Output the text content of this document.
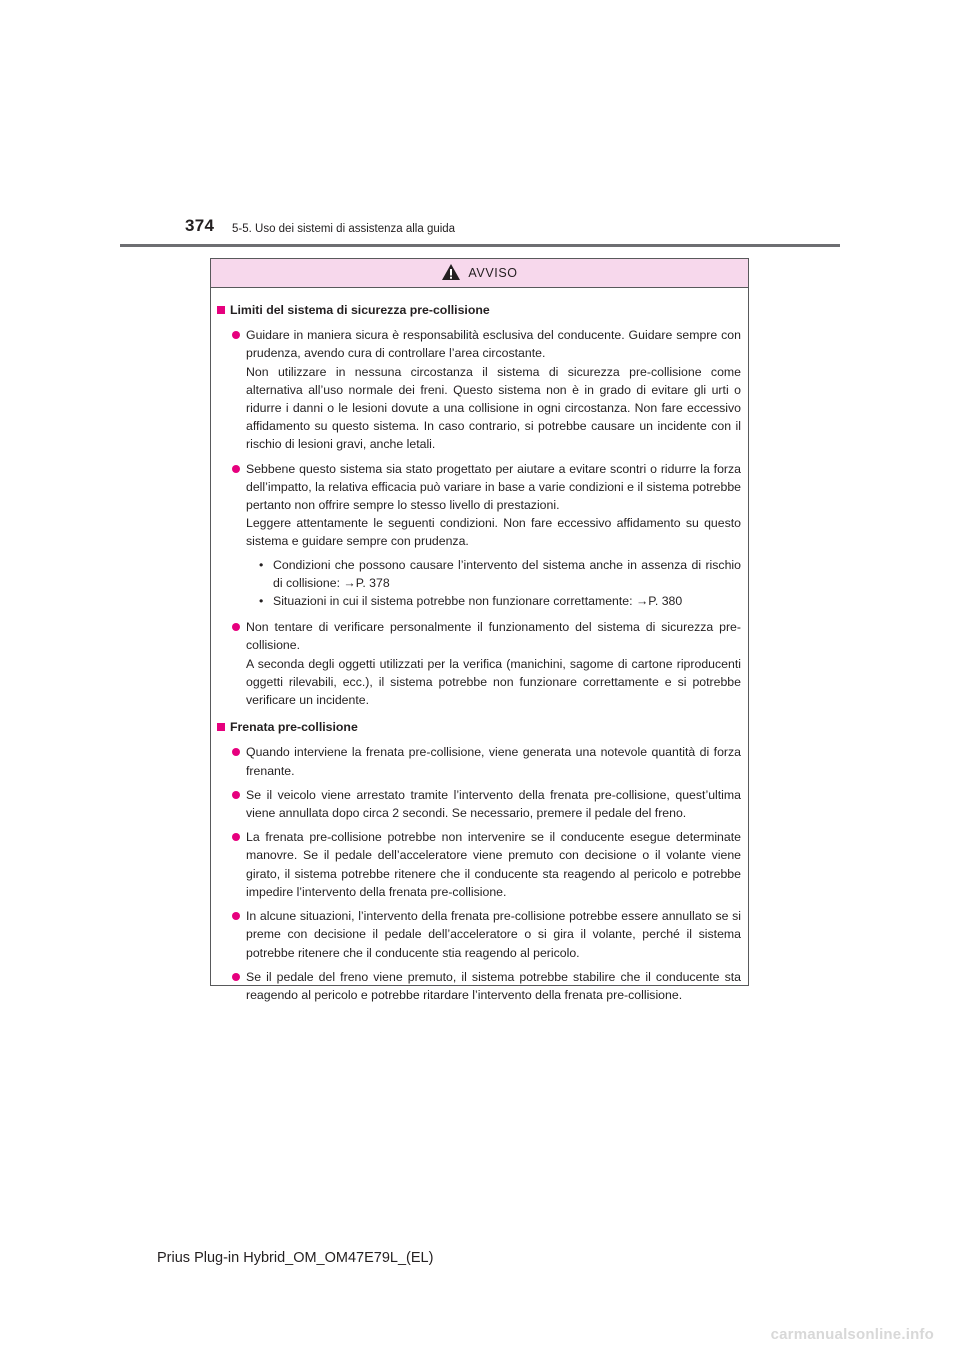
374 5-5. Uso dei sistemi di assistenza alla guida
AVVISO
Limiti del sistema di sicurezza pre-collisione

Guidare in maniera sicura è responsabilità esclusiva del conducente. Guidare sempre con prudenza, avendo cura di controllare l’area circostante.

Non utilizzare in nessuna circostanza il sistema di sicurezza pre-collisione come alternativa all’uso normale dei freni. Questo sistema non è in grado di evitare gli urti o ridurre i danni o le lesioni dovute a una collisione in ogni circostanza. Non fare eccessivo affidamento su questo sistema. In caso contrario, si potrebbe causare un incidente con il rischio di lesioni gravi, anche letali.

Sebbene questo sistema sia stato progettato per aiutare a evitare scontri o ridurre la forza dell’impatto, la relativa efficacia può variare in base a varie condizioni e il sistema potrebbe pertanto non offrire sempre lo stesso livello di prestazioni.

Leggere attentamente le seguenti condizioni. Non fare eccessivo affidamento su questo sistema e guidare sempre con prudenza.

• Condizioni che possono causare l’intervento del sistema anche in assenza di rischio di collisione: →P. 378
• Situazioni in cui il sistema potrebbe non funzionare correttamente: →P. 380

Non tentare di verificare personalmente il funzionamento del sistema di sicurezza pre-collisione.

A seconda degli oggetti utilizzati per la verifica (manichini, sagome di cartone riproducenti oggetti rilevabili, ecc.), il sistema potrebbe non funzionare correttamente e si potrebbe verificare un incidente.

Frenata pre-collisione

Quando interviene la frenata pre-collisione, viene generata una notevole quantità di forza frenante.

Se il veicolo viene arrestato tramite l’intervento della frenata pre-collisione, quest’ultima viene annullata dopo circa 2 secondi. Se necessario, premere il pedale del freno.

La frenata pre-collisione potrebbe non intervenire se il conducente esegue determinate manovre. Se il pedale dell’acceleratore viene premuto con decisione o il volante viene girato, il sistema potrebbe ritenere che il conducente sta reagendo al pericolo e potrebbe impedire l’intervento della frenata pre-collisione.

In alcune situazioni, l’intervento della frenata pre-collisione potrebbe essere annullato se si preme con decisione il pedale dell’acceleratore o si gira il volante, perché il sistema potrebbe ritenere che il conducente stia reagendo al pericolo.

Se il pedale del freno viene premuto, il sistema potrebbe stabilire che il conducente sta reagendo al pericolo e potrebbe ritardare l’intervento della frenata pre-collisione.

Prius Plug-in Hybrid_OM_OM47E79L_(EL)
carmanualsonline.info
